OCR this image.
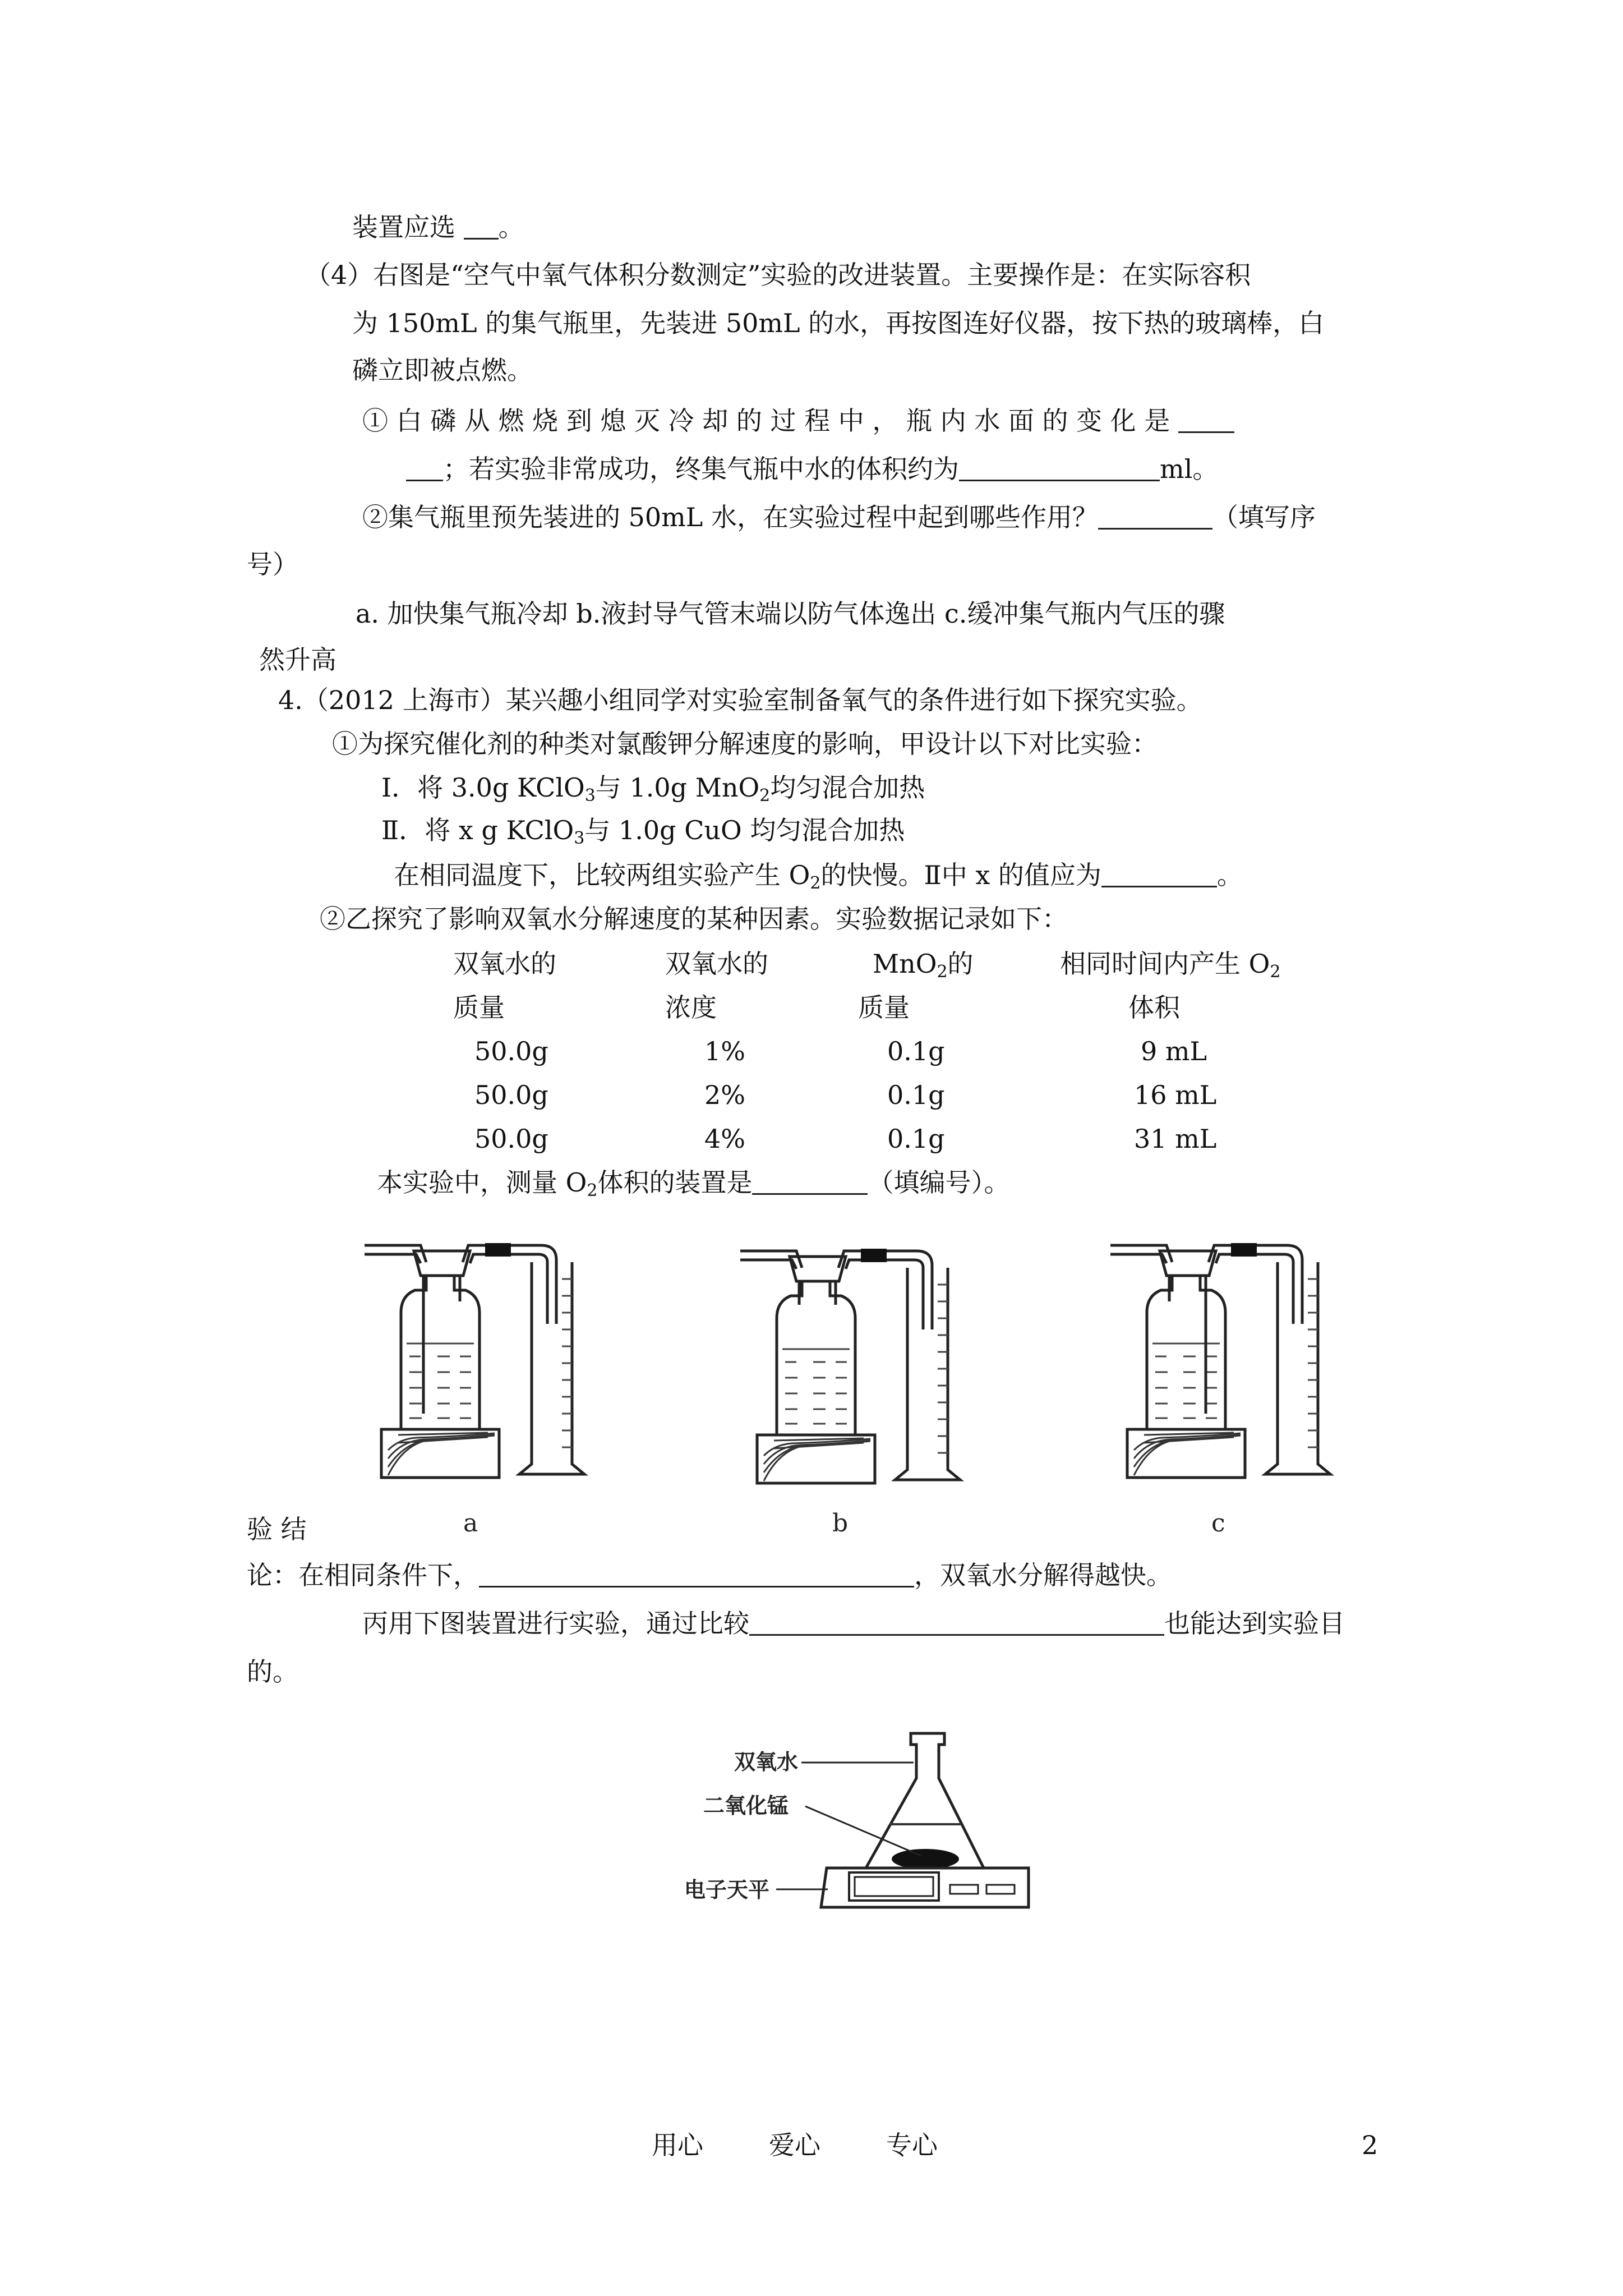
装置应选 。
（4）右图是“空气中氧气体积分数测定”实验的改进装置。主要操作是：在实际容积
为 150mL 的集气瓶里，先装进 50mL 的水，再按图连好仪器，按下热的玻璃棒，白
磷立即被点燃。
① 白 磷 从 燃 烧 到 熄 灭 冷 却 的 过 程 中 ， 瓶 内 水 面 的 变 化 是
；若实验非常成功，终集气瓶中水的体积约为	ml。
②集气瓶里预先装进的 50mL 水，在实验过程中起到哪些作用？	（填写序
号）
a. 加快集气瓶冷却 b.液封导气管末端以防气体逸出 c.缓冲集气瓶内气压的骤
然升高
4.（2012 上海市）某兴趣小组同学对实验室制备氧气的条件进行如下探究实验。
①为探究催化剂的种类对氯酸钾分解速度的影响，甲设计以下对比实验：
Ⅰ．将 3.0g KClO$_3$与 1.0g MnO$_2$均匀混合加热
Ⅱ．将 x g KClO$_3$与 1.0g CuO 均匀混合加热
在相同温度下，比较两组实验产生 $O_2$的快慢。Ⅱ中 x 的值应为	。
②乙探究了影响双氧水分解速度的某种因素。实验数据记录如下：
双氧水的	双氧水的	MnO$_2$的	相同时间内产生 $O_2$
质量	浓度	质量	体积
50.0g	1%	0.1g	9 mL
50.0g	2%	0.1g	16 mL
50.0g	4%	0.1g	31 mL
本实验中，测量 $O_2$体积的装置是	（填编号）。
a	b	c
验 结
论：在相同条件下，	，双氧水分解得越快。
丙用下图装置进行实验，通过比较	也能达到实验目
的。
双氧水
二氧化锰
电子天平
用心        爱心        专心	2
